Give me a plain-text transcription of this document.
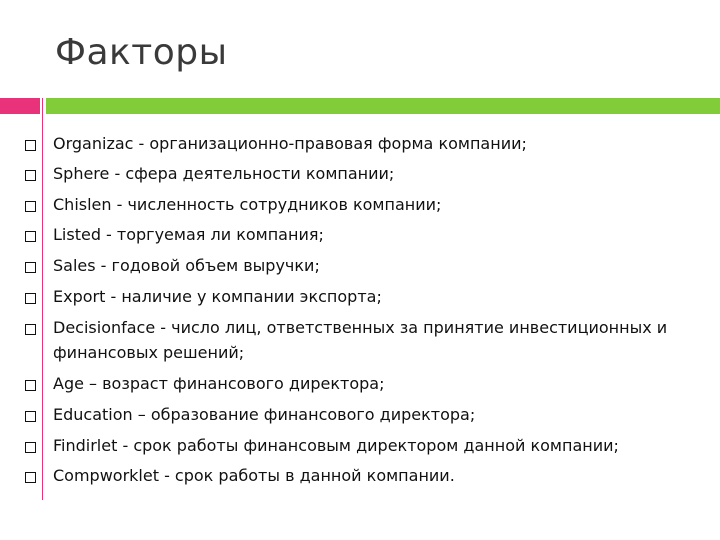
Факторы
Organizac - организационно-правовая форма компании;
Sphere - сфера деятельности компании;
Chislen - численность сотрудников компании;
Listed - торгуемая ли компания;
Sales - годовой объем выручки;
Export - наличие у компании экспорта;
Decisionface - число лиц, ответственных за принятие инвестиционных и финансовых решений;
Age – возраст финансового директора;
Education – образование финансового директора;
Findirlet - срок работы финансовым директором данной компании;
Compworklet - срок работы в данной компании.
